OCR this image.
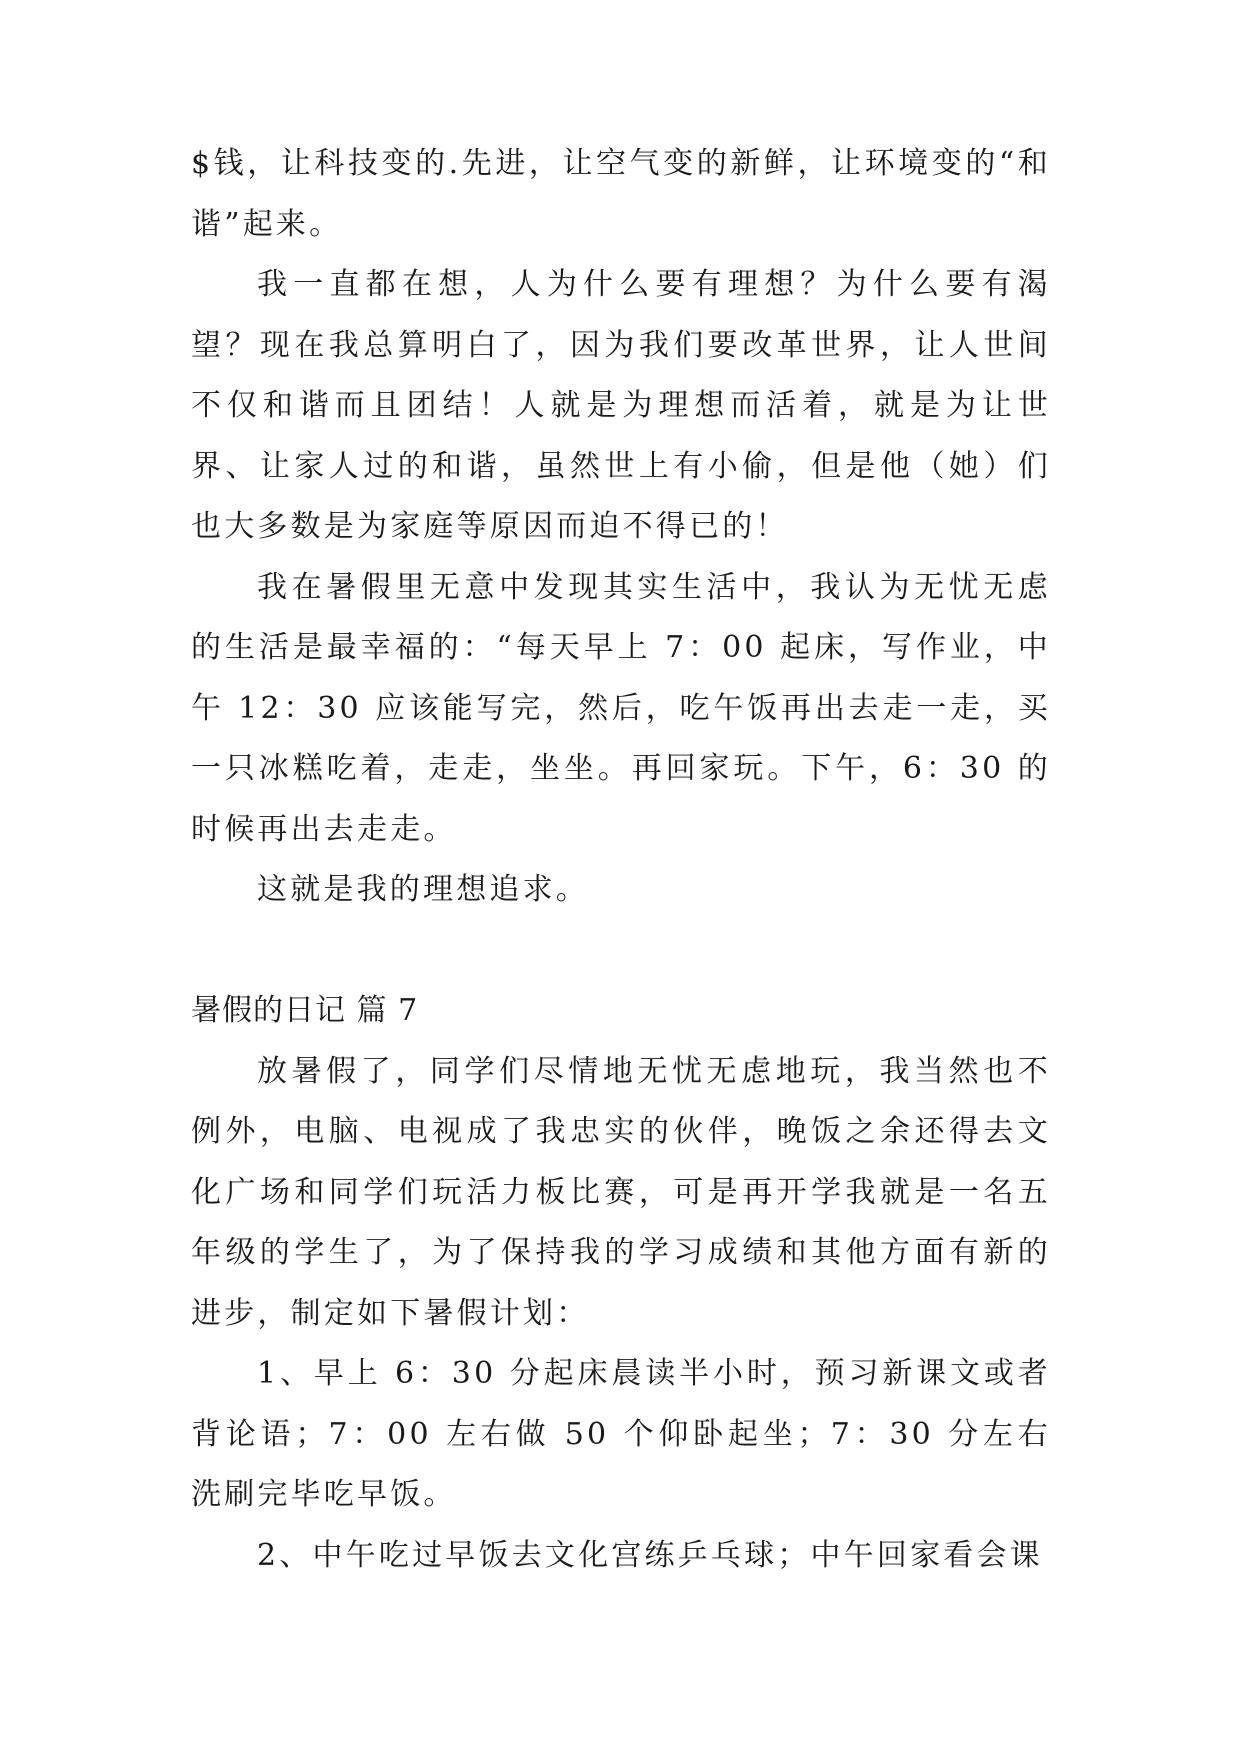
$钱，让科技变的.先进，让空气变的新鲜，让环境变的“和谐”起来。

我一直都在想，人为什么要有理想？为什么要有渴望？现在我总算明白了，因为我们要改革世界，让人世间不仅和谐而且团结！人就是为理想而活着，就是为让世界、让家人过的和谐，虽然世上有小偷，但是他（她）们也大多数是为家庭等原因而迫不得已的！

我在暑假里无意中发现其实生活中，我认为无忧无虑的生活是最幸福的：“每天早上 7：00 起床，写作业，中午 12：30 应该能写完，然后，吃午饭再出去走一走，买一只冰糕吃着，走走，坐坐。再回家玩。下午，6：30 的时候再出去走走。

这就是我的理想追求。

暑假的日记 篇 7

放暑假了，同学们尽情地无忧无虑地玩，我当然也不例外，电脑、电视成了我忠实的伙伴，晚饭之余还得去文化广场和同学们玩活力板比赛，可是再开学我就是一名五年级的学生了，为了保持我的学习成绩和其他方面有新的进步，制定如下暑假计划：

1、早上 6：30 分起床晨读半小时，预习新课文或者背论语；7：00 左右做 50 个仰卧起坐；7：30 分左右洗刷完毕吃早饭。

2、中午吃过早饭去文化宫练乒乓球；中午回家看会课
